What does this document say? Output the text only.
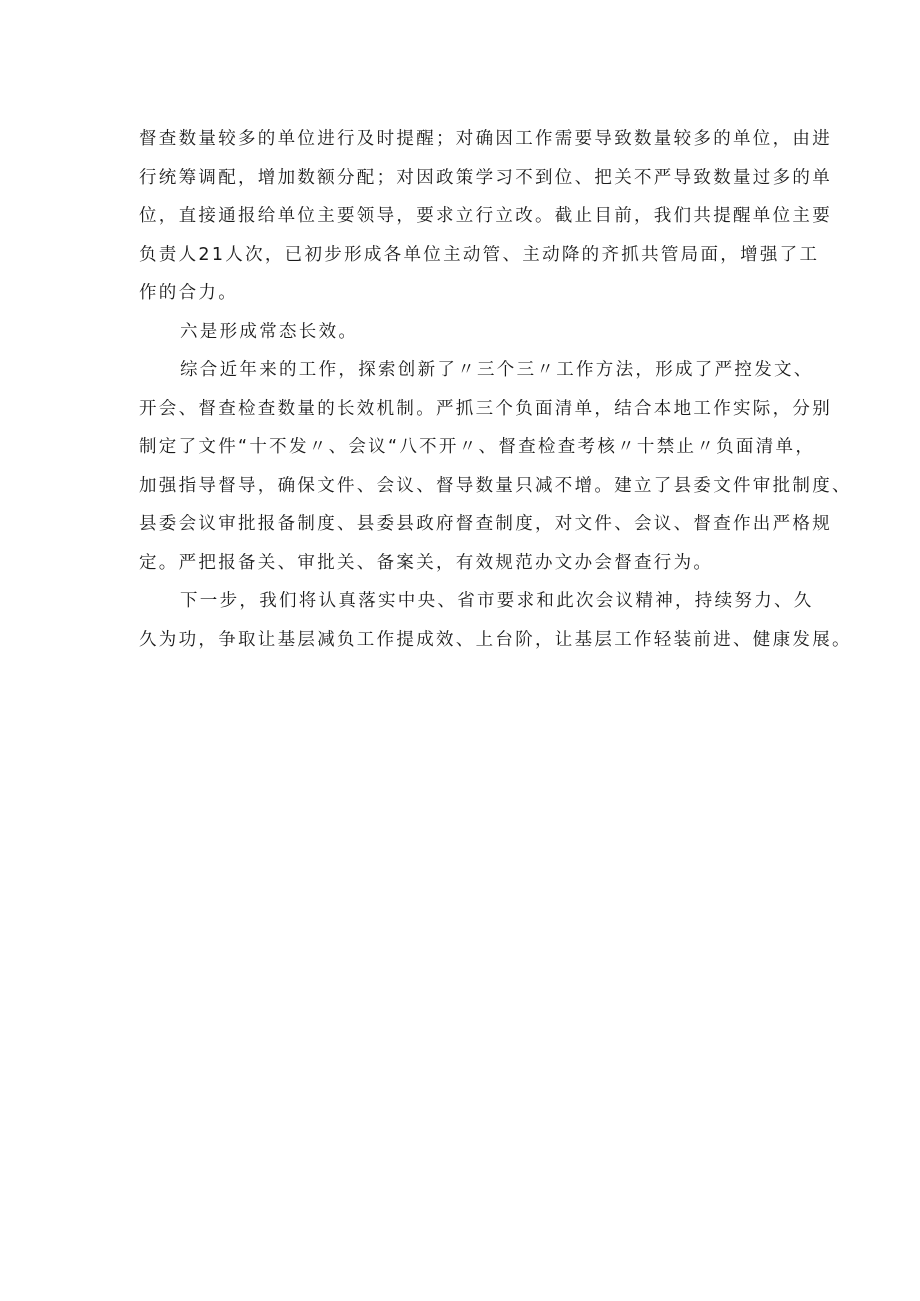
督查数量较多的单位进行及时提醒；对确因工作需要导致数量较多的单位，由进
行统筹调配，增加数额分配；对因政策学习不到位、把关不严导致数量过多的单
位，直接通报给单位主要领导，要求立行立改。截止目前，我们共提醒单位主要
负责人21人次，已初步形成各单位主动管、主动降的齐抓共管局面，增强了工
作的合力。
六是形成常态长效。
综合近年来的工作，探索创新了〃三个三〃工作方法，形成了严控发文、
开会、督查检查数量的长效机制。严抓三个负面清单，结合本地工作实际，分别
制定了文件“十不发〃、会议“八不开〃、督查检查考核〃十禁止〃负面清单，
加强指导督导，确保文件、会议、督导数量只减不增。建立了县委文件审批制度、
县委会议审批报备制度、县委县政府督查制度，对文件、会议、督查作出严格规
定。严把报备关、审批关、备案关，有效规范办文办会督查行为。
下一步，我们将认真落实中央、省市要求和此次会议精神，持续努力、久
久为功，争取让基层减负工作提成效、上台阶，让基层工作轻装前进、健康发展。
